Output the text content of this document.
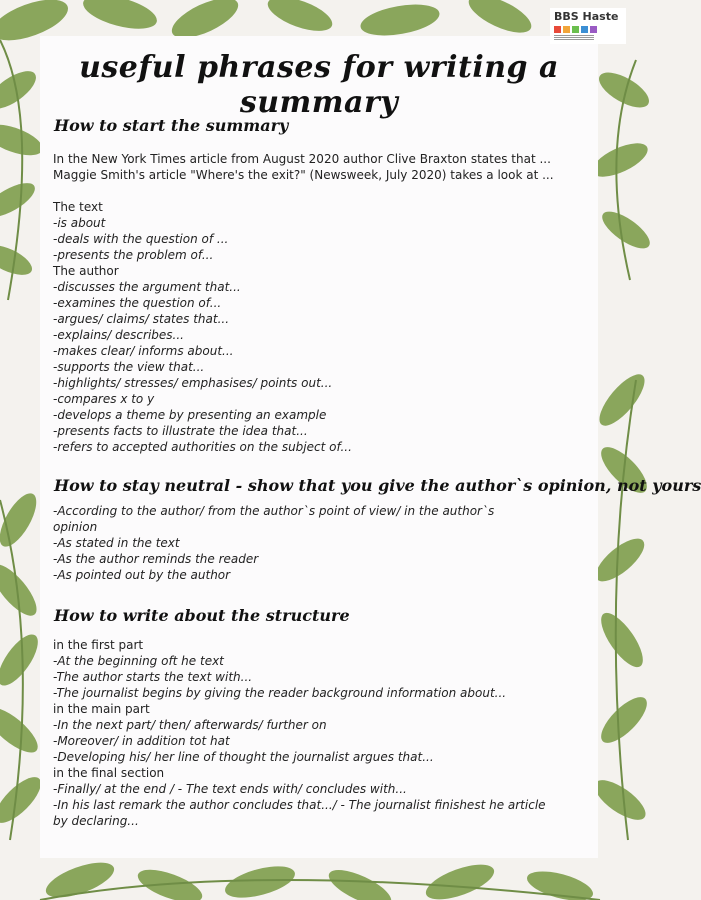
BBS Haste
useful phrases for writing a summary
How to start the summary
In the New York Times article from August 2020 author Clive Braxton states that ...
Maggie Smith's article "Where's the exit?" (Newsweek, July 2020) takes a look at ...
The text
-is about
-deals with the question of ...
-presents the problem of...
The author
-discusses the argument that...
-examines the question of...
-argues/ claims/ states that...
-explains/ describes...
-makes clear/ informs about...
-supports the view that...
-highlights/ stresses/ emphasises/ points out...
-compares x to y
-develops a theme by presenting an example
-presents facts to illustrate the idea that...
-refers to accepted authorities on the subject of...
How to stay neutral - show that you give the author`s opinion, not yours
-According to the author/ from the author`s point of view/ in the author`s
opinion
-As stated in the text
-As the author reminds the reader
-As pointed out by the author
How to write about the structure
in the first part
-At the beginning oft he text
-The author starts the text with...
-The journalist begins by giving the reader background information about...
in the main part
-In the next part/ then/ afterwards/ further on
-Moreover/ in addition tot hat
-Developing his/ her line of thought the journalist argues that...
in the final section
-Finally/ at the end / - The text ends with/ concludes with...
-In his last remark the author concludes that.../ - The journalist finishest he article
by declaring...
